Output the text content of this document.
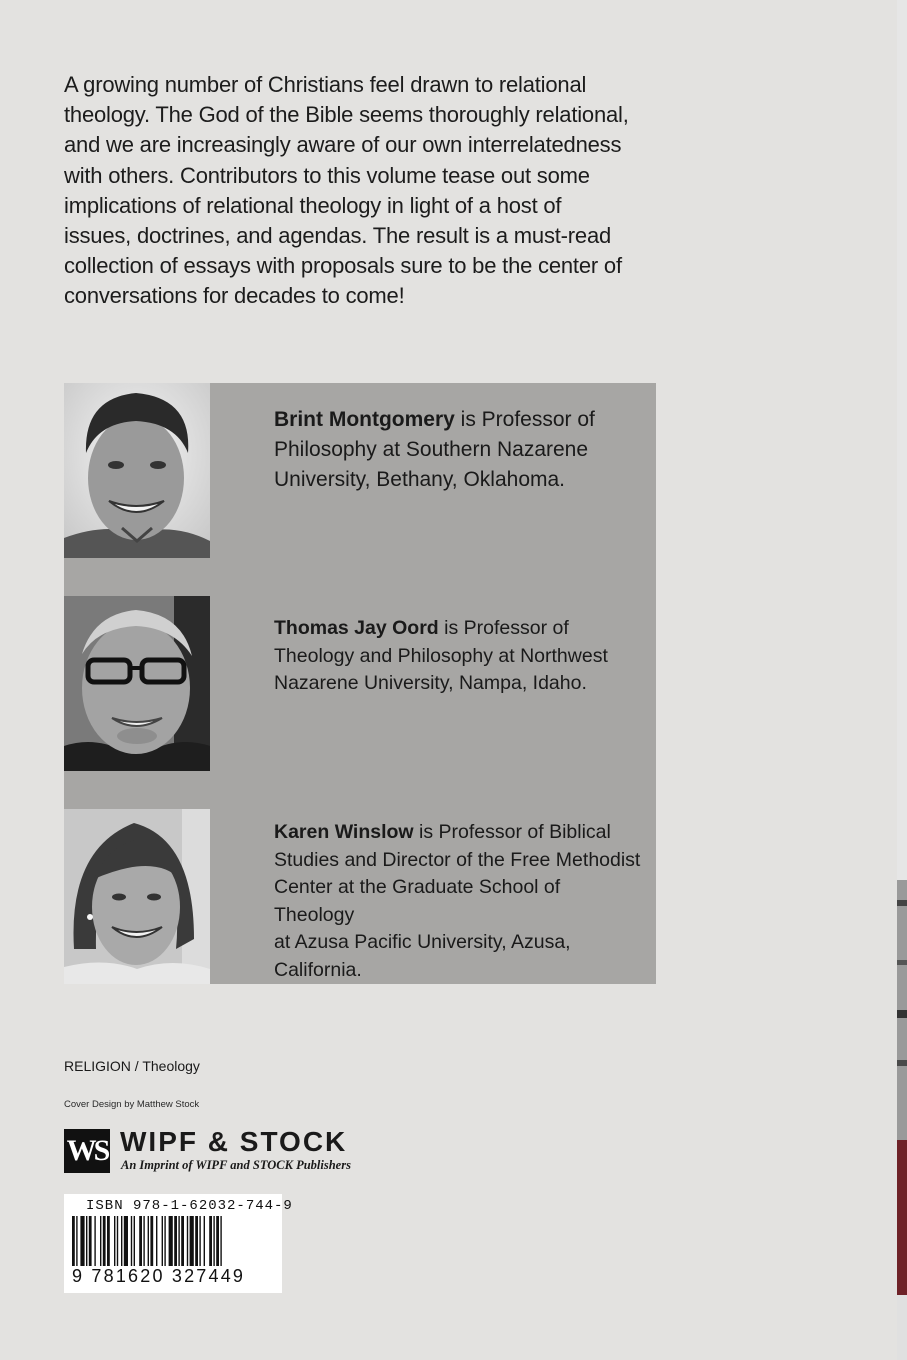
A growing number of Christians feel drawn to relational
theology. The God of the Bible seems thoroughly relational,
and we are increasingly aware of our own interrelatedness
with others. Contributors to this volume tease out some
implications of relational theology in light of a host of
issues, doctrines, and agendas. The result is a must-read
collection of essays with proposals sure to be the center of
conversations for decades to come!
Brint Montgomery is Professor of
Philosophy at Southern Nazarene
University, Bethany, Oklahoma.
Thomas Jay Oord is Professor of
Theology and Philosophy at Northwest
Nazarene University, Nampa, Idaho.
Karen Winslow is Professor of Biblical
Studies and Director of the Free Methodist
Center at the Graduate School of Theology
at Azusa Pacific University, Azusa,
California.
RELIGION / Theology
Cover Design by Matthew Stock
WS WIPF & STOCK
An Imprint of WIPF and STOCK Publishers
ISBN 978-1-62032-744-9
9 781620 327449
